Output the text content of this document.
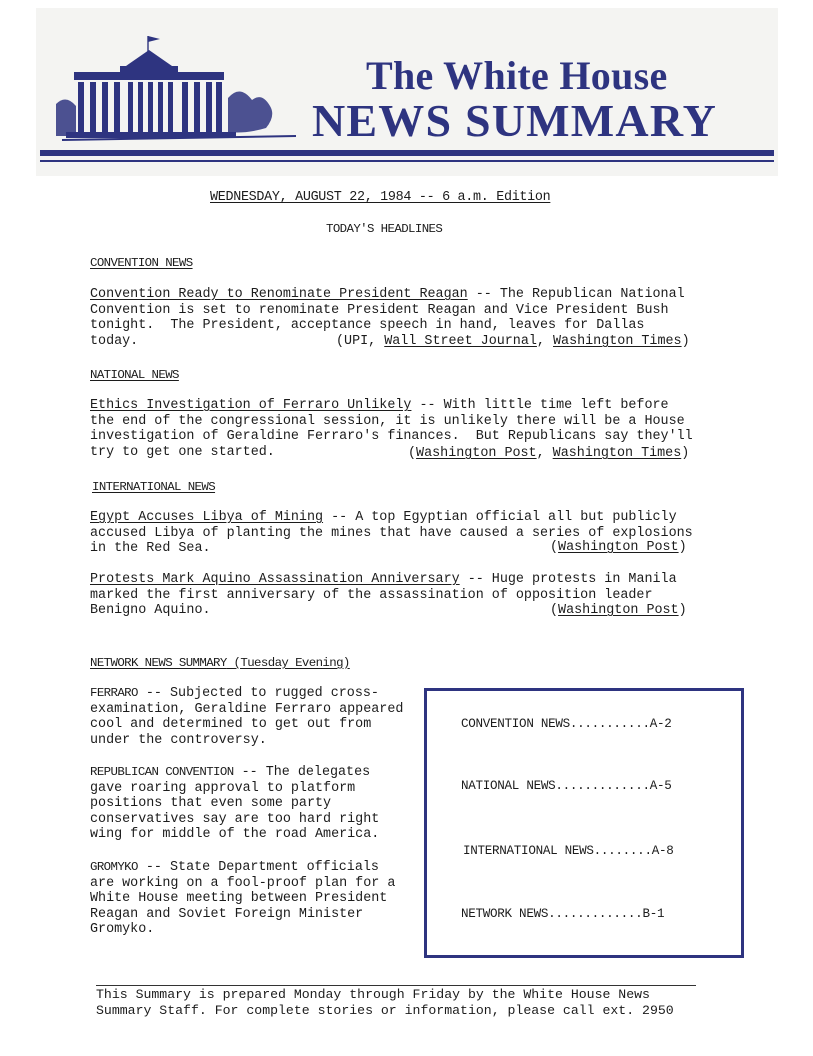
The White House
NEWS SUMMARY
WEDNESDAY, AUGUST 22, 1984 -- 6 a.m. Edition
TODAY'S HEADLINES
CONVENTION NEWS
Convention Ready to Renominate President Reagan -- The Republican National
Convention is set to renominate President Reagan and Vice President Bush
tonight.  The President, acceptance speech in hand, leaves for Dallas
today.	(UPI, Wall Street Journal, Washington Times)
NATIONAL NEWS
Ethics Investigation of Ferraro Unlikely -- With little time left before
the end of the congressional session, it is unlikely there will be a House
investigation of Geraldine Ferraro's finances.  But Republicans say they'll
try to get one started.	(Washington Post, Washington Times)
INTERNATIONAL NEWS
Egypt Accuses Libya of Mining -- A top Egyptian official all but publicly
accused Libya of planting the mines that have caused a series of explosions
in the Red Sea.	(Washington Post)
Protests Mark Aquino Assassination Anniversary -- Huge protests in Manila
marked the first anniversary of the assassination of opposition leader
Benigno Aquino.	(Washington Post)
NETWORK NEWS SUMMARY (Tuesday Evening)
FERRARO -- Subjected to rugged cross-
examination, Geraldine Ferraro appeared
cool and determined to get out from
under the controversy.
REPUBLICAN CONVENTION -- The delegates
gave roaring approval to platform
positions that even some party
conservatives say are too hard right
wing for middle of the road America.
GROMYKO -- State Department officials
are working on a fool-proof plan for a
White House meeting between President
Reagan and Soviet Foreign Minister
Gromyko.
CONVENTION NEWS...........A-2
NATIONAL NEWS.............A-5
INTERNATIONAL NEWS........A-8
NETWORK NEWS.............B-1
This Summary is prepared Monday through Friday by the White House News
Summary Staff. For complete stories or information, please call ext. 2950
